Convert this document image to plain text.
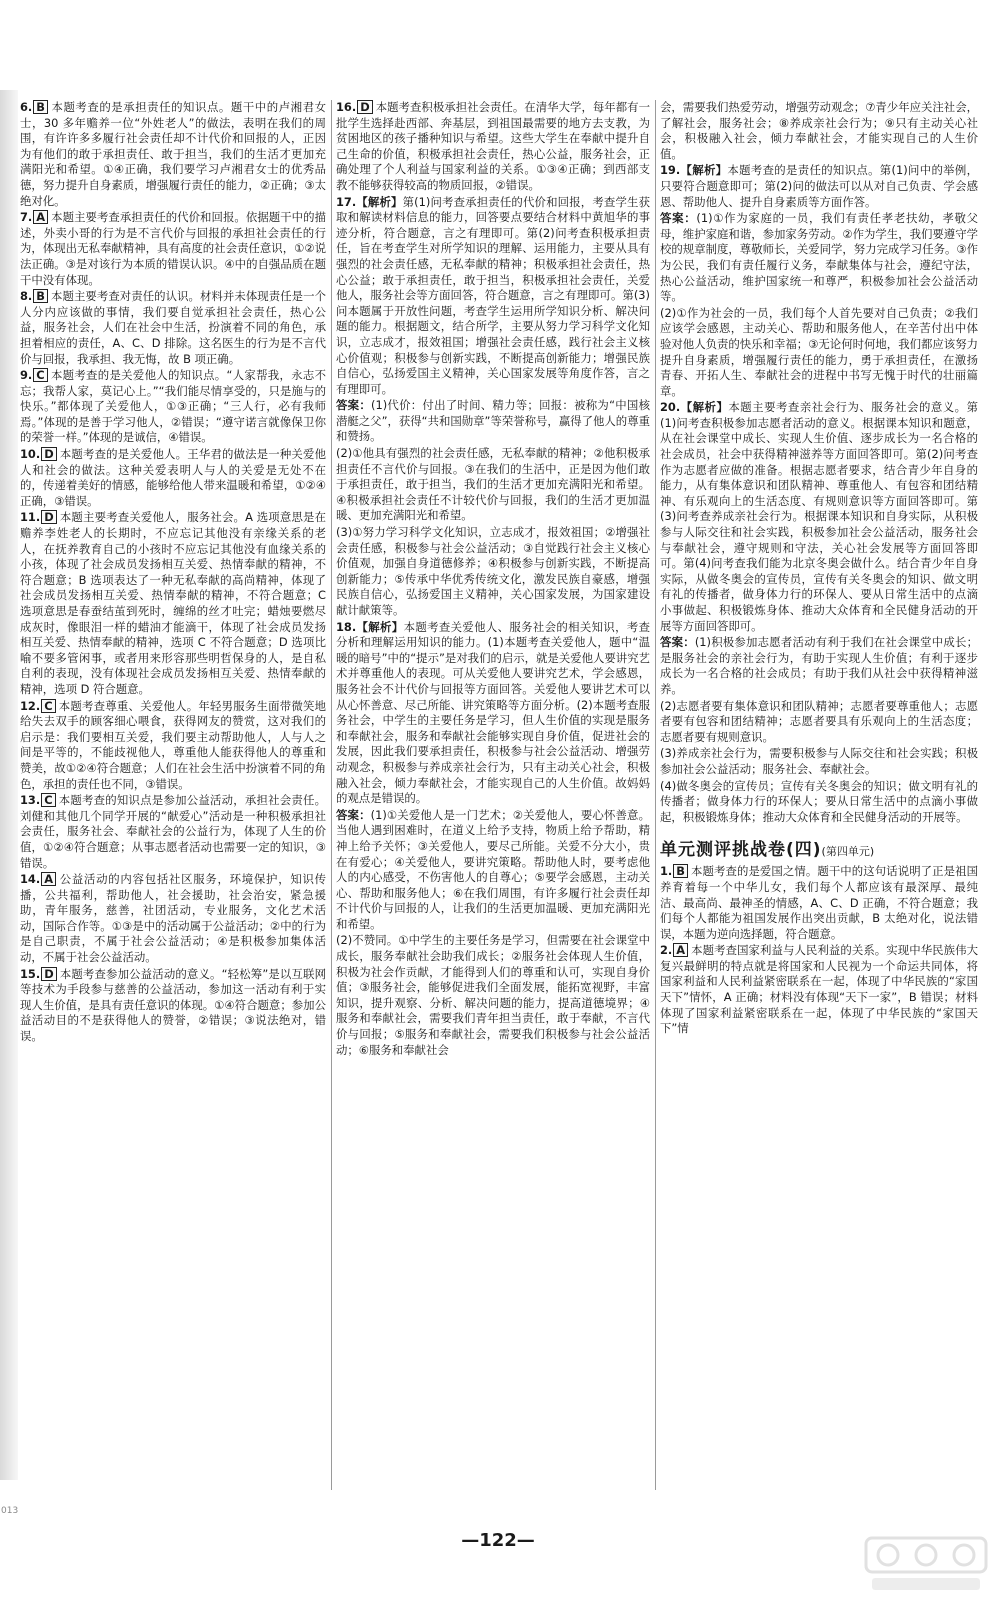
013
6. B 本题考查的是承担责任的知识点。题干中的卢湘君女士，30 多年赡养一位“外姓老人”的做法，表明在我们的周围，有许许多多履行社会责任却不计代价和回报的人，正因为有他们的敢于承担责任、敢于担当，我们的生活才更加充满阳光和希望。①④正确，我们要学习卢湘君女士的优秀品德，努力提升自身素质，增强履行责任的能力，②正确；③太绝对化。
7. A 本题主要考查承担责任的代价和回报。依据题干中的描述，外卖小哥的行为是不言代价与回报的承担社会责任的行为，体现出无私奉献精神，具有高度的社会责任意识，①②说法正确。③是对该行为本质的错误认识。④中的自强品质在题干中没有体现。
8. B 本题主要考查对责任的认识。材料并未体现责任是一个人分内应该做的事情，我们要自觉承担社会责任，热心公益，服务社会，人们在社会中生活，扮演着不同的角色，承担着相应的责任，A、C、D 排除。这名医生的行为是不言代价与回报，我承担、我无悔，故 B 项正确。
9. C 本题考查的是关爱他人的知识点。“人家帮我，永志不忘；我帮人家，莫记心上。”“我们能尽情享受的，只是施与的快乐。”都体现了关爱他人，①③正确；“三人行，必有我师焉。”体现的是善于学习他人，②错误；“遵守诺言就像保卫你的荣誉一样。”体现的是诚信，④错误。
10. D 本题考查的是关爱他人。王华君的做法是一种关爱他人和社会的做法。这种关爱表明人与人的关爱是无处不在的，传递着美好的情感，能够给他人带来温暖和希望，①②④正确，③错误。
11. D 本题主要考查关爱他人，服务社会。A 选项意思是在赡养李姓老人的长期时，不应忘记其他没有亲缘关系的老人，在抚养教育自己的小孩时不应忘记其他没有血缘关系的小孩，体现了社会成员发扬相互关爱、热情奉献的精神，不符合题意；B 选项表达了一种无私奉献的高尚精神，体现了社会成员发扬相互关爱、热情奉献的精神，不符合题意；C 选项意思是春蚕结茧到死时，缠绵的丝才吐完；蜡烛要燃尽成灰时，像眼泪一样的蜡油才能滴干，体现了社会成员发扬相互关爱、热情奉献的精神，选项 C 不符合题意；D 选项比喻不要多管闲事，或者用来形容那些明哲保身的人，是自私自利的表现，没有体现社会成员发扬相互关爱、热情奉献的精神，选项 D 符合题意。
12. C 本题考查尊重、关爱他人。年轻男服务生面带微笑地给失去双手的顾客细心喂食，获得网友的赞赏，这对我们的启示是：我们要相互关爱，我们要主动帮助他人，人与人之间是平等的，不能歧视他人，尊重他人能获得他人的尊重和赞美，故①②④符合题意；人们在社会生活中扮演着不同的角色，承担的责任也不同，③错误。
13. C 本题考查的知识点是参加公益活动，承担社会责任。刘健和其他几个同学开展的“献爱心”活动是一种积极承担社会责任，服务社会、奉献社会的公益行为，体现了人生的价值，①②④符合题意；从事志愿者活动也需要一定的知识，③错误。
14. A 公益活动的内容包括社区服务，环境保护，知识传播，公共福利，帮助他人，社会援助，社会治安，紧急援助，青年服务，慈善，社团活动，专业服务，文化艺术活动，国际合作等。①③是中的活动属于公益活动；②中的行为是自己职责，不属于社会公益活动；④是积极参加集体活动，不属于社会公益活动。
15. D 本题考查参加公益活动的意义。“轻松筹”是以互联网等技术为手段参与慈善的公益活动，参加这一活动有利于实现人生价值，是具有责任意识的体现。①④符合题意；参加公益活动目的不是获得他人的赞誉，②错误；③说法绝对，错误。
16. D 本题考查积极承担社会责任。在清华大学，每年都有一批学生选择赴西部、奔基层，到祖国最需要的地方去支教，为贫困地区的孩子播种知识与希望。这些大学生在奉献中提升自己生命的价值，积极承担社会责任，热心公益，服务社会，正确处理了个人利益与国家利益的关系。①③④正确；到西部支教不能够获得较高的物质回报，②错误。
17.【解析】第(1)问考查承担责任的代价和回报，考查学生获取和解读材料信息的能力，回答要点要结合材料中黄旭华的事迹分析，符合题意，言之有理即可。第(2)问考查积极承担责任，旨在考查学生对所学知识的理解、运用能力，主要从具有强烈的社会责任感，无私奉献的精神；积极承担社会责任，热心公益；敢于承担责任，敢于担当，积极承担社会责任，关爱他人，服务社会等方面回答，符合题意，言之有理即可。第(3)问本题属于开放性问题，考查学生运用所学知识分析、解决问题的能力。根据题文，结合所学，主要从努力学习科学文化知识，立志成才，报效祖国；增强社会责任感，践行社会主义核心价值观；积极参与创新实践，不断提高创新能力；增强民族自信心，弘扬爱国主义精神，关心国家发展等角度作答，言之有理即可。
答案：(1)代价：付出了时间、精力等；回报：被称为“中国核潜艇之父”，获得“共和国勋章”等荣誉称号，赢得了他人的尊重和赞扬。
(2)①他具有强烈的社会责任感，无私奉献的精神；②他积极承担责任不言代价与回报。③在我们的生活中，正是因为他们敢于承担责任，敢于担当，我们的生活才更加充满阳光和希望。④积极承担社会责任不计较代价与回报，我们的生活才更加温暖、更加充满阳光和希望。
(3)①努力学习科学文化知识，立志成才，报效祖国；②增强社会责任感，积极参与社会公益活动；③自觉践行社会主义核心价值观，加强自身道德修养；④积极参与创新实践，不断提高创新能力；⑤传承中华优秀传统文化，激发民族自豪感，增强民族自信心，弘扬爱国主义精神，关心国家发展，为国家建设献计献策等。
18.【解析】本题考查关爱他人、服务社会的相关知识，考查分析和理解运用知识的能力。(1)本题考查关爱他人，题中“温暖的暗号”中的“提示”是对我们的启示，就是关爱他人要讲究艺术并尊重他人的表现。可从关爱他人要讲究艺术，学会感恩，服务社会不计代价与回报等方面回答。关爱他人要讲艺术可以从心怀善意、尽己所能、讲究策略等方面分析。(2)本题考查服务社会，中学生的主要任务是学习，但人生价值的实现是服务和奉献社会，服务和奉献社会能够实现自身价值，促进社会的发展，因此我们要承担责任，积极参与社会公益活动、增强劳动观念，积极参与养成亲社会行为，只有主动关心社会，积极融入社会，倾力奉献社会，才能实现自己的人生价值。故妈妈的观点是错误的。
答案：(1)①关爱他人是一门艺术；②关爱他人，要心怀善意。当他人遇到困难时，在道义上给予支持，物质上给予帮助，精神上给予关怀；③关爱他人，要尽己所能。关爱不分大小，贵在有爱心；④关爱他人，要讲究策略。帮助他人时，要考虑他人的内心感受，不伤害他人的自尊心；⑤要学会感恩，主动关心、帮助和服务他人；⑥在我们周围，有许多履行社会责任却不计代价与回报的人，让我们的生活更加温暖、更加充满阳光和希望。
(2)不赞同。①中学生的主要任务是学习，但需要在社会课堂中成长，服务奉献社会助我们成长；②服务社会体现人生价值，积极为社会作贡献，才能得到人们的尊重和认可，实现自身价值；③服务社会，能够促进我们全面发展，能拓宽视野，丰富知识，提升观察、分析、解决问题的能力，提高道德境界；④服务和奉献社会，需要我们青年担当责任，敢于奉献，不言代价与回报；⑤服务和奉献社会，需要我们积极参与社会公益活动；⑥服务和奉献社会
会，需要我们热爱劳动，增强劳动观念；⑦青少年应关注社会，了解社会，服务社会；⑧养成亲社会行为；⑨只有主动关心社会，积极融入社会，倾力奉献社会，才能实现自己的人生价值。
19.【解析】本题考查的是责任的知识点。第(1)问中的举例，只要符合题意即可；第(2)问的做法可以从对自己负责、学会感恩、帮助他人、提升自身素质等方面作答。
答案：(1)①作为家庭的一员，我们有责任孝老扶幼，孝敬父母，维护家庭和谐，参加家务劳动。②作为学生，我们要遵守学校的规章制度，尊敬师长，关爱同学，努力完成学习任务。③作为公民，我们有责任履行义务，奉献集体与社会，遵纪守法，热心公益活动，维护国家统一和尊严，积极参加社会公益活动等。
(2)①作为社会的一员，我们每个人首先要对自己负责；②我们应该学会感恩，主动关心、帮助和服务他人，在辛苦付出中体验对他人负责的快乐和幸福；③无论何时何地，我们都应该努力提升自身素质，增强履行责任的能力，勇于承担责任，在激扬青春、开拓人生、奉献社会的进程中书写无愧于时代的壮丽篇章。
20.【解析】本题主要考查亲社会行为、服务社会的意义。第(1)问考查积极参加志愿者活动的意义。根据课本知识和题意，从在社会课堂中成长、实现人生价值、逐步成长为一名合格的社会成员，社会中获得精神滋养等方面回答即可。第(2)问考查作为志愿者应做的准备。根据志愿者要求，结合青少年自身的能力，从有集体意识和团队精神、尊重他人、有包容和团结精神、有乐观向上的生活态度、有规则意识等方面回答即可。第(3)问考查养成亲社会行为。根据课本知识和自身实际，从积极参与人际交往和社会实践，积极参加社会公益活动，服务社会与奉献社会，遵守规则和守法，关心社会发展等方面回答即可。第(4)问考查我们能为北京冬奥会做什么。结合青少年自身实际，从做冬奥会的宣传员，宣传有关冬奥会的知识、做文明有礼的传播者，做身体力行的环保人、要从日常生活中的点滴小事做起、积极锻炼身体、推动大众体育和全民健身活动的开展等方面回答即可。
答案：(1)积极参加志愿者活动有利于我们在社会课堂中成长；是服务社会的亲社会行为，有助于实现人生价值；有利于逐步成长为一名合格的社会成员；有助于我们从社会中获得精神滋养。
(2)志愿者要有集体意识和团队精神；志愿者要尊重他人；志愿者要有包容和团结精神；志愿者要具有乐观向上的生活态度；志愿者要有规则意识。
(3)养成亲社会行为，需要积极参与人际交往和社会实践；积极参加社会公益活动；服务社会、奉献社会。
(4)做冬奥会的宣传员；宣传有关冬奥会的知识；做文明有礼的传播者；做身体力行的环保人；要从日常生活中的点滴小事做起，积极锻炼身体；推动大众体育和全民健身活动的开展等。
单元测评挑战卷(四)(第四单元)
1. B 本题考查的是爱国之情。题干中的这句话说明了正是祖国养育着每一个中华儿女，我们每个人都应该有最深厚、最纯洁、最高尚、最神圣的情感，A、C、D 正确，不符合题意；我们每个人都能为祖国发展作出突出贡献，B 太绝对化，说法错误，本题为逆向选择题，符合题意。
2. A 本题考查国家利益与人民利益的关系。实现中华民族伟大复兴最鲜明的特点就是将国家和人民视为一个命运共同体，将国家利益和人民利益紧密联系在一起，体现了中华民族的“家国天下”情怀，A 正确；材料没有体现“天下一家”，B 错误；材料体现了国家利益紧密联系在一起，体现了中华民族的“家国天下”情
—122—
